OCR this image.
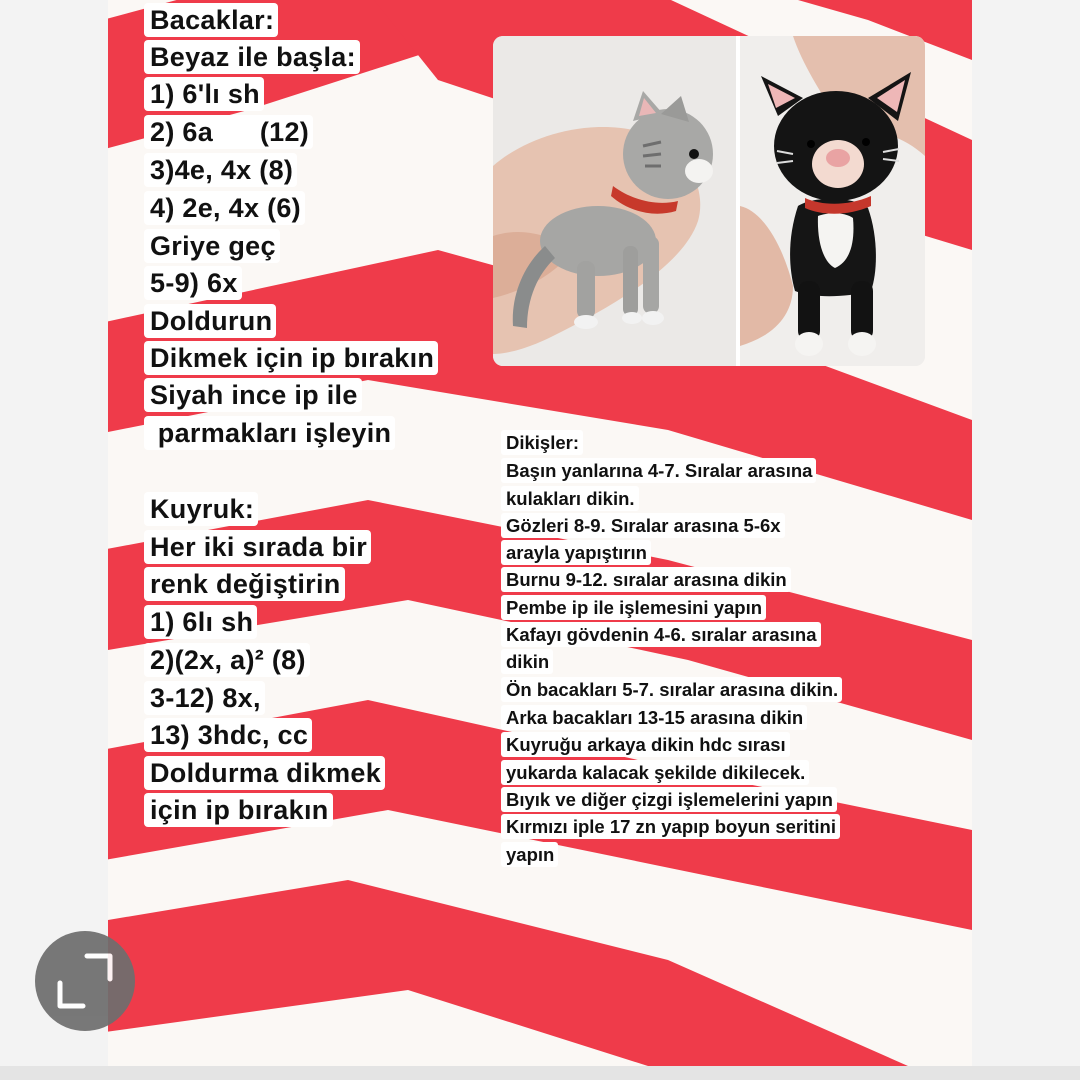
Bacaklar:
Beyaz ile başla:
1) 6'lı sh
2) 6a      (12)
3)4e, 4x (8)
4) 2e, 4x (6)
Griye geç
5-9) 6x
Doldurun
Dikmek için ip bırakın
Siyah ince ip ile
parmakları işleyin
Kuyruk:
Her iki sırada bir
renk değiştirin
1) 6lı sh
2)(2x, a)² (8)
3-12) 8x,
13) 3hdc, cc
Doldurma dikmek
için ip bırakın
Dikişler:
Başın yanlarına 4-7. Sıralar arasına
kulakları dikin.
Gözleri 8-9. Sıralar arasına 5-6x
arayla yapıştırın
Burnu 9-12. sıralar arasına dikin
Pembe ip ile işlemesini yapın
Kafayı gövdenin 4-6. sıralar arasına
dikin
Ön bacakları 5-7. sıralar arasına dikin.
Arka bacakları 13-15 arasına dikin
Kuyruğu arkaya dikin hdc sırası
yukarda kalacak şekilde dikilecek.
Bıyık ve diğer çizgi işlemelerini yapın
Kırmızı iple 17 zn yapıp boyun seritini
yapın
